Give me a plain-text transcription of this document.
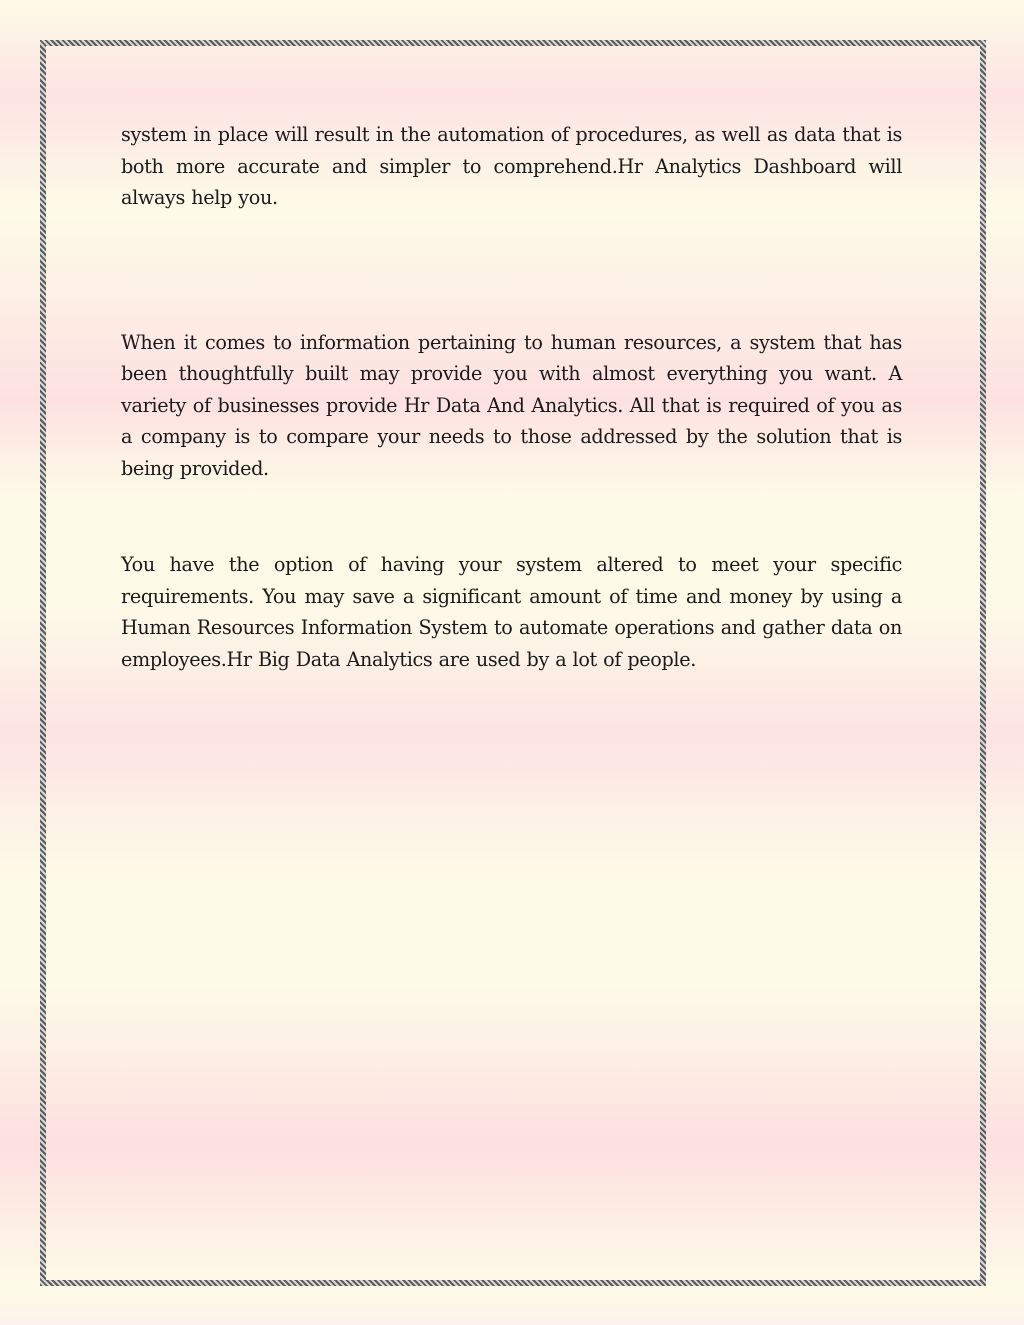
system in place will result in the automation of procedures, as well as data that is both more accurate and simpler to comprehend.Hr Analytics Dashboard will always help you.

When it comes to information pertaining to human resources, a system that has been thoughtfully built may provide you with almost everything you want. A variety of businesses provide Hr Data And Analytics. All that is required of you as a company is to compare your needs to those addressed by the solution that is being provided.

You have the option of having your system altered to meet your specific requirements. You may save a significant amount of time and money by using a Human Resources Information System to automate operations and gather data on employees.Hr Big Data Analytics are used by a lot of people.
